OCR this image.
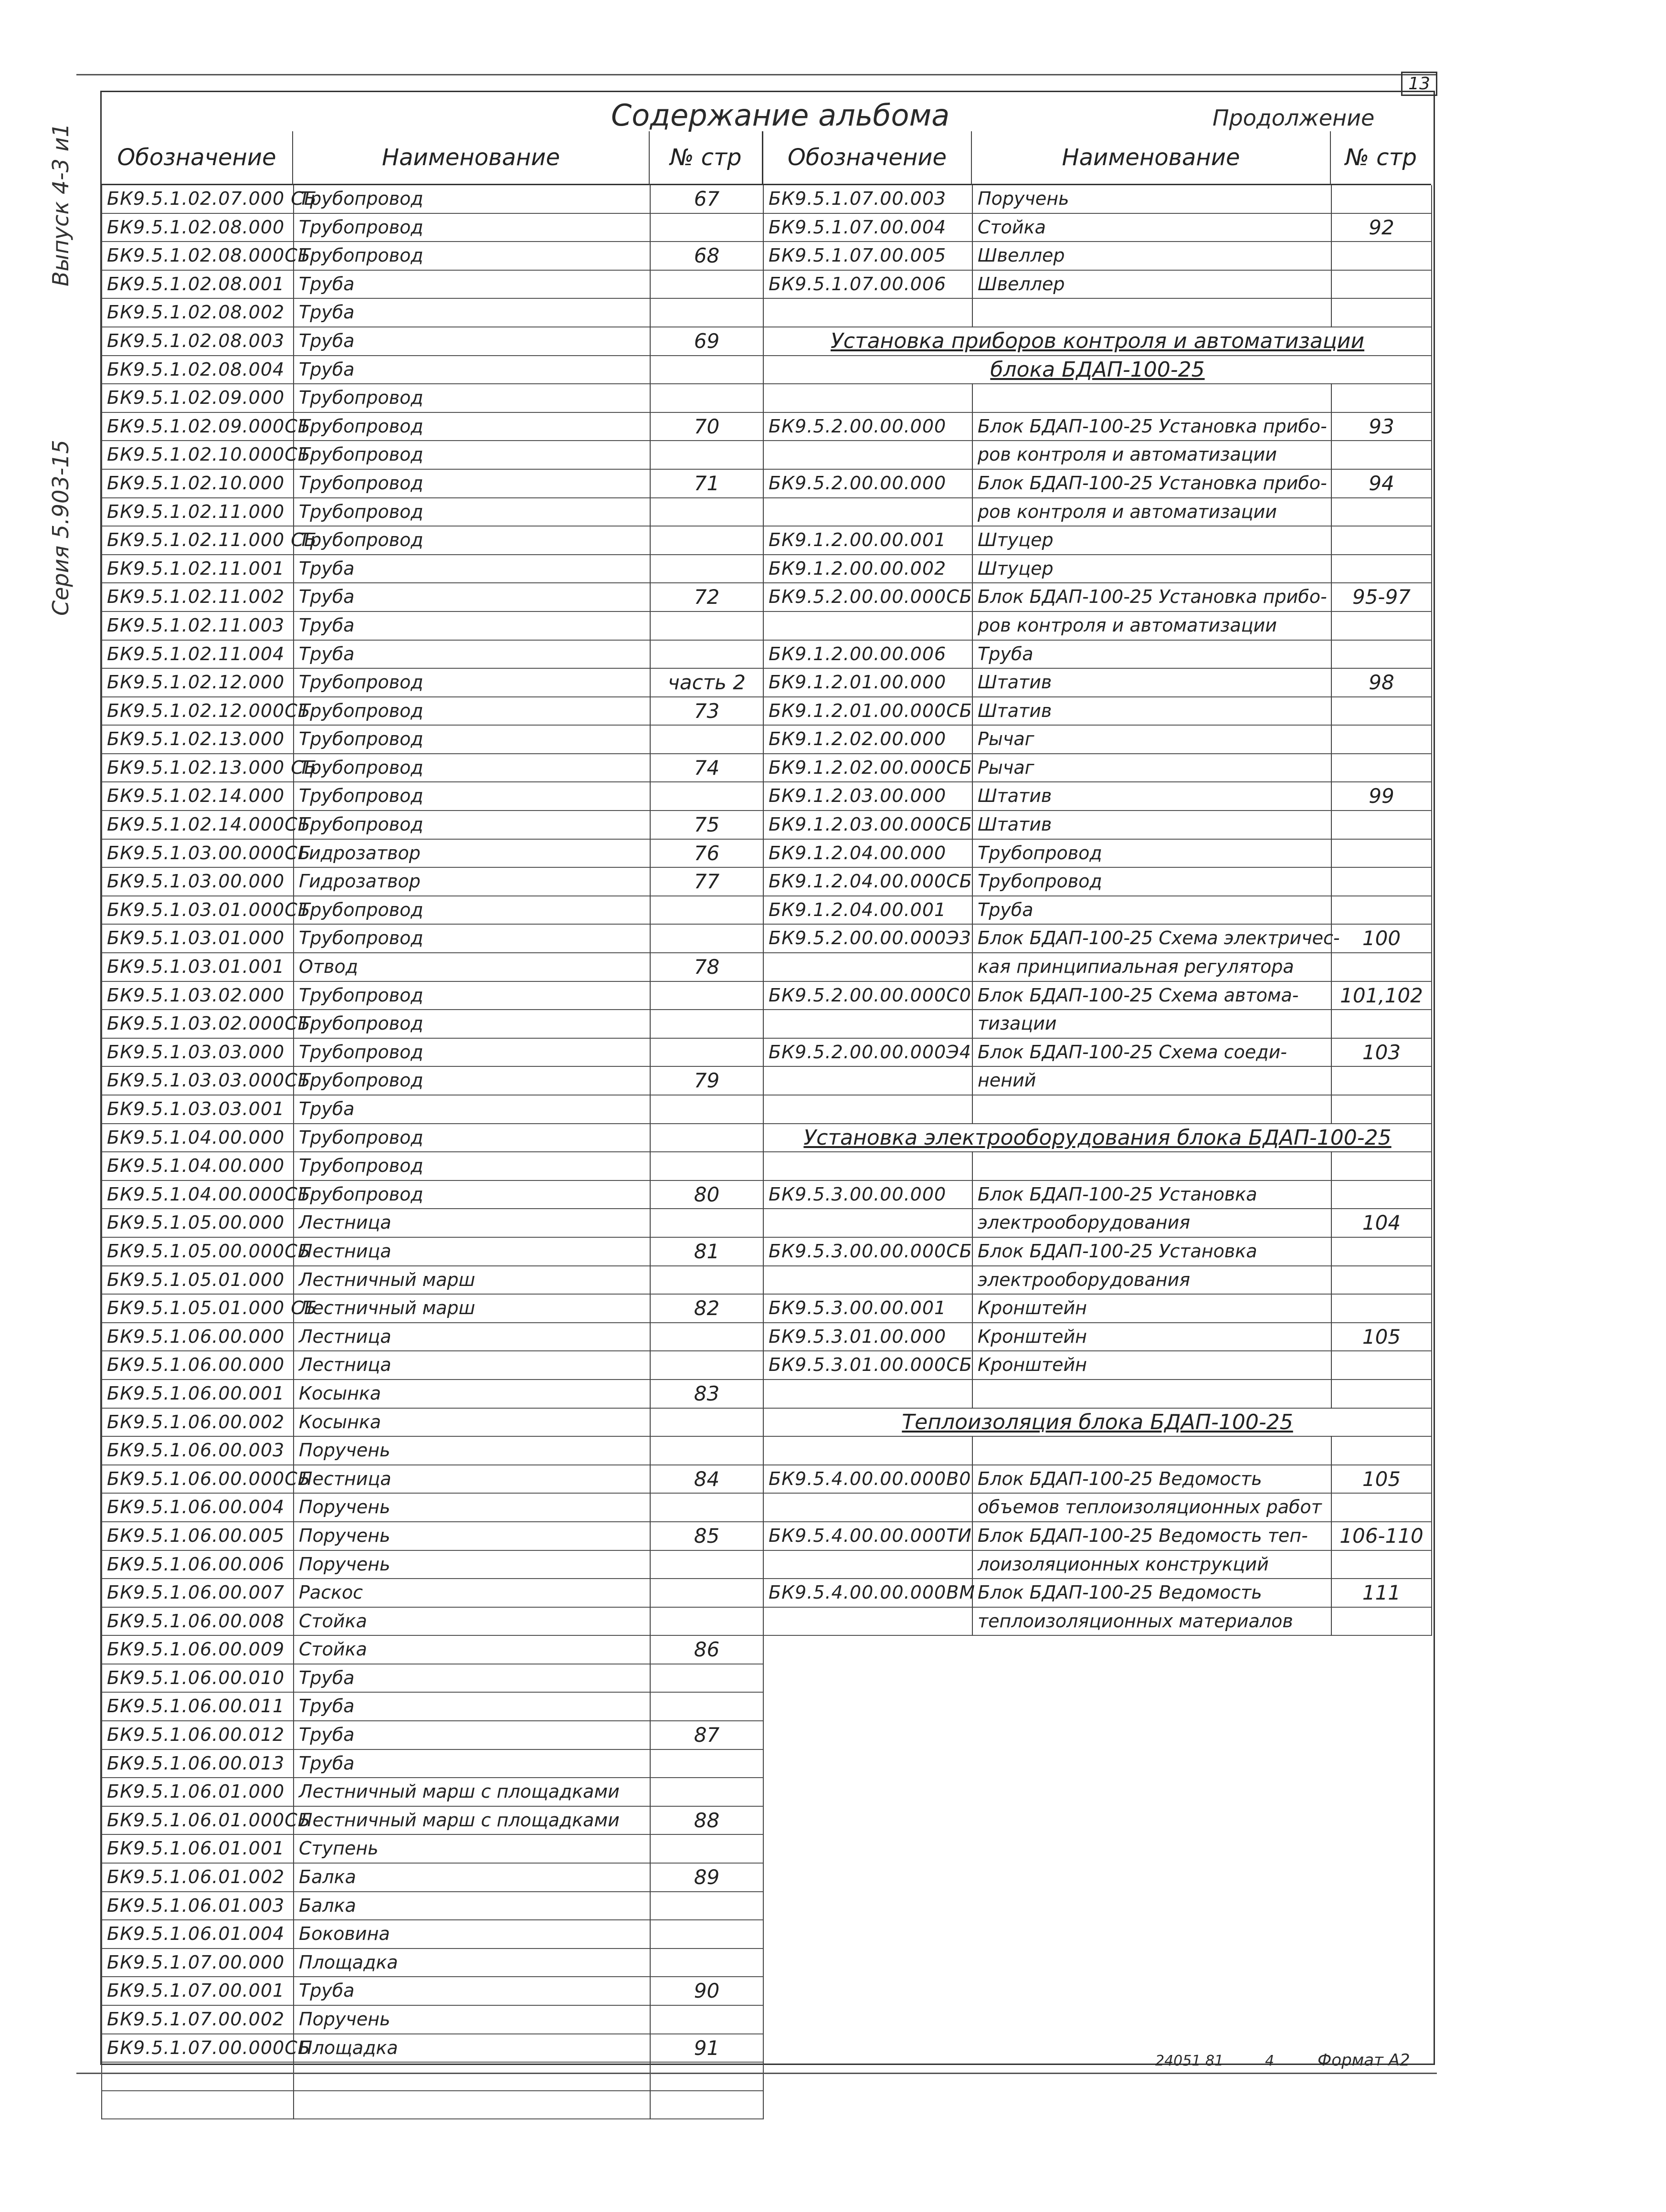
Выпуск 4-3 и1
Серия 5.903-15
13
Содержание альбома	Продолжение
Обозначение	Наименование	№ стр	Обозначение	Наименование	№ стр
БК9.5.1.02.07.000 СБ	Трубопровод	67
БК9.5.1.02.08.000	Трубопровод	
БК9.5.1.02.08.000СБ	Трубопровод	68
БК9.5.1.02.08.001	Труба	
БК9.5.1.02.08.002	Труба	
БК9.5.1.02.08.003	Труба	69
БК9.5.1.02.08.004	Труба	
БК9.5.1.02.09.000	Трубопровод	
БК9.5.1.02.09.000СБ	Трубопровод	70
БК9.5.1.02.10.000СБ	Трубопровод	
БК9.5.1.02.10.000	Трубопровод	71
БК9.5.1.02.11.000	Трубопровод	
БК9.5.1.02.11.000 СБ	Трубопровод	
БК9.5.1.02.11.001	Труба	
БК9.5.1.02.11.002	Труба	72
БК9.5.1.02.11.003	Труба	
БК9.5.1.02.11.004	Труба	
БК9.5.1.02.12.000	Трубопровод	часть 2
БК9.5.1.02.12.000СБ	Трубопровод	73
БК9.5.1.02.13.000	Трубопровод	
БК9.5.1.02.13.000 СБ	Трубопровод	74
БК9.5.1.02.14.000	Трубопровод	
БК9.5.1.02.14.000СБ	Трубопровод	75
БК9.5.1.03.00.000СБ	Гидрозатвор	76
БК9.5.1.03.00.000	Гидрозатвор	77
БК9.5.1.03.01.000СБ	Трубопровод	
БК9.5.1.03.01.000	Трубопровод	
БК9.5.1.03.01.001	Отвод	78
БК9.5.1.03.02.000	Трубопровод	
БК9.5.1.03.02.000СБ	Трубопровод	
БК9.5.1.03.03.000	Трубопровод	
БК9.5.1.03.03.000СБ	Трубопровод	79
БК9.5.1.03.03.001	Труба	
БК9.5.1.04.00.000	Трубопровод	
БК9.5.1.04.00.000	Трубопровод	
БК9.5.1.04.00.000СБ	Трубопровод	80
БК9.5.1.05.00.000	Лестница	
БК9.5.1.05.00.000СБ	Лестница	81
БК9.5.1.05.01.000	Лестничный марш	
БК9.5.1.05.01.000 СБ	Лестничный марш	82
БК9.5.1.06.00.000	Лестница	
БК9.5.1.06.00.000	Лестница	
БК9.5.1.06.00.001	Косынка	83
БК9.5.1.06.00.002	Косынка	
БК9.5.1.06.00.003	Поручень	
БК9.5.1.06.00.000СБ	Лестница	84
БК9.5.1.06.00.004	Поручень	
БК9.5.1.06.00.005	Поручень	85
БК9.5.1.06.00.006	Поручень	
БК9.5.1.06.00.007	Раскос	
БК9.5.1.06.00.008	Стойка	
БК9.5.1.06.00.009	Стойка	86
БК9.5.1.06.00.010	Труба	
БК9.5.1.06.00.011	Труба	
БК9.5.1.06.00.012	Труба	87
БК9.5.1.06.00.013	Труба	
БК9.5.1.06.01.000	Лестничный марш с площадками	
БК9.5.1.06.01.000СБ	Лестничный марш с площадками	88
БК9.5.1.06.01.001	Ступень	
БК9.5.1.06.01.002	Балка	89
БК9.5.1.06.01.003	Балка	
БК9.5.1.06.01.004	Боковина	
БК9.5.1.07.00.000	Площадка	
БК9.5.1.07.00.001	Труба	90
БК9.5.1.07.00.002	Поручень	
БК9.5.1.07.00.000СБ	Площадка	91

БК9.5.1.07.00.003	Поручень	
БК9.5.1.07.00.004	Стойка	92
БК9.5.1.07.00.005	Швеллер	
БК9.5.1.07.00.006	Швеллер	

Установка приборов контроля и автоматизации		
блока БДАП-100-25		

БК9.5.2.00.00.000	Блок БДАП-100-25 Установка прибо-	93
	ров контроля и автоматизации	
БК9.5.2.00.00.000	Блок БДАП-100-25 Установка прибо-	94
	ров контроля и автоматизации	
БК9.1.2.00.00.001	Штуцер	
БК9.1.2.00.00.002	Штуцер	
БК9.5.2.00.00.000СБ	Блок БДАП-100-25 Установка прибо-	95-97
	ров контроля и автоматизации	
БК9.1.2.00.00.006	Труба	
БК9.1.2.01.00.000	Штатив	98
БК9.1.2.01.00.000СБ	Штатив	
БК9.1.2.02.00.000	Рычаг	
БК9.1.2.02.00.000СБ	Рычаг	
БК9.1.2.03.00.000	Штатив	99
БК9.1.2.03.00.000СБ	Штатив	
БК9.1.2.04.00.000	Трубопровод	
БК9.1.2.04.00.000СБ	Трубопровод	
БК9.1.2.04.00.001	Труба	
БК9.5.2.00.00.000Э3	Блок БДАП-100-25 Схема электричес-	100
	кая принципиальная регулятора	
БК9.5.2.00.00.000С0	Блок БДАП-100-25 Схема автома-	101,102
	тизации	
БК9.5.2.00.00.000Э4	Блок БДАП-100-25 Схема соеди-	103
	нений	

Установка электрооборудования блока БДАП-100-25		

БК9.5.3.00.00.000	Блок БДАП-100-25 Установка	
	электрооборудования	104
БК9.5.3.00.00.000СБ	Блок БДАП-100-25 Установка	
	электрооборудования	
БК9.5.3.00.00.001	Кронштейн	
БК9.5.3.01.00.000	Кронштейн	105
БК9.5.3.01.00.000СБ	Кронштейн	

Теплоизоляция блока БДАП-100-25		

БК9.5.4.00.00.000В0	Блок БДАП-100-25 Ведомость	105
	объемов теплоизоляционных работ	
БК9.5.4.00.00.000ТИ	Блок БДАП-100-25 Ведомость теп-	106-110
	лоизоляционных конструкций	
БК9.5.4.00.00.000ВМ	Блок БДАП-100-25 Ведомость	111
	теплоизоляционных материалов	
24051 81	4	Формат А2
